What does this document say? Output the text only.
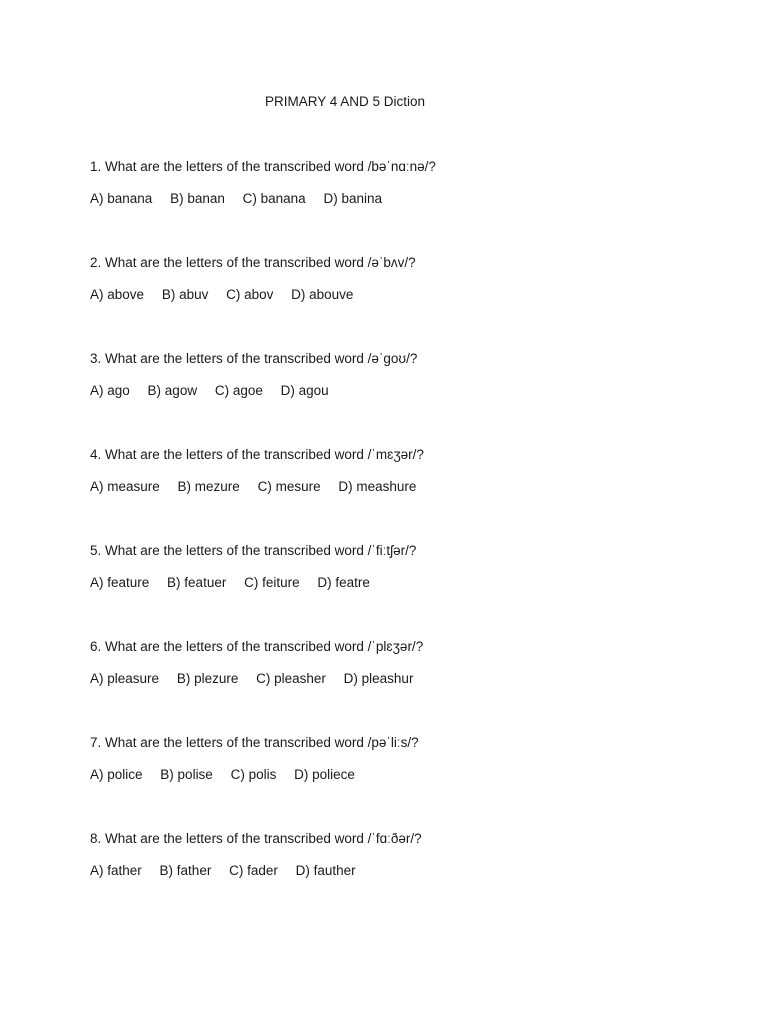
PRIMARY 4 AND 5 Diction
1. What are the letters of the transcribed word /bəˈnɑːnə/?
A) banana B) banan C) banana D) banina
2. What are the letters of the transcribed word /əˈbʌv/?
A) above B) abuv C) abov D) abouve
3. What are the letters of the transcribed word /əˈgoʊ/?
A) ago B) agow C) agoe D) agou
4. What are the letters of the transcribed word /ˈmɛʒər/?
A) measure B) mezure C) mesure D) meashure
5. What are the letters of the transcribed word /ˈfiːtʃər/?
A) feature B) featuer C) feiture D) featre
6. What are the letters of the transcribed word /ˈplɛʒər/?
A) pleasure B) plezure C) pleasher D) pleashur
7. What are the letters of the transcribed word /pəˈliːs/?
A) police B) polise C) polis D) poliece
8. What are the letters of the transcribed word /ˈfɑːðər/?
A) father B) father C) fader D) fauther
